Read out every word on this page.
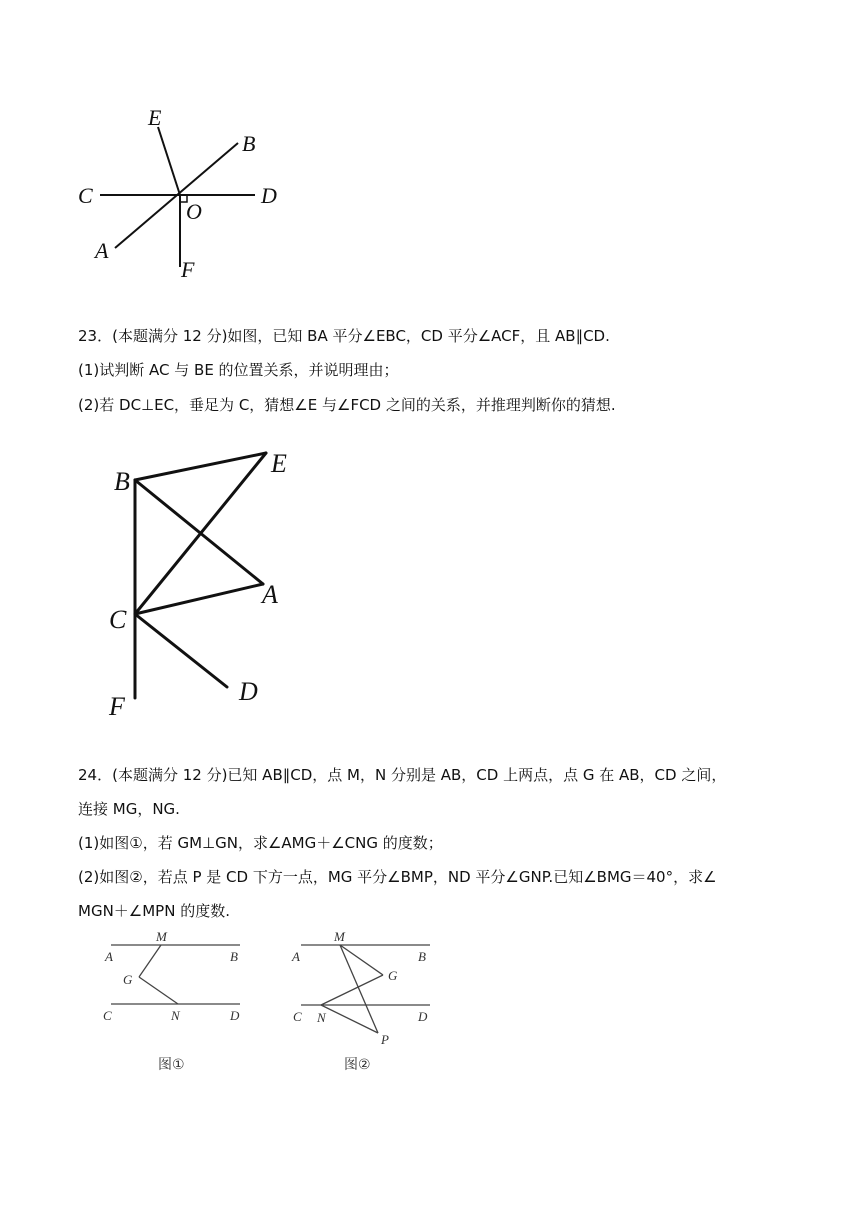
E
B
C	D
O
A
F
23．(本题满分 12 分)如图，已知 BA 平分∠EBC，CD 平分∠ACF，且 AB∥CD.
(1)试判断 AC 与 BE 的位置关系，并说明理由；
(2)若 DC⊥EC，垂足为 C，猜想∠E 与∠FCD 之间的关系，并推理判断你的猜想.
B
E
A
C
F
D
24．(本题满分 12 分)已知 AB∥CD，点 M，N 分别是 AB，CD 上两点，点 G 在 AB，CD 之间，
连接 MG，NG.
(1)如图①，若 GM⊥GN，求∠AMG＋∠CNG 的度数；
(2)如图②，若点 P 是 CD 下方一点，MG 平分∠BMP，ND 平分∠GNP.已知∠BMG＝40°，求∠
MGN＋∠MPN 的度数.
M
A	B
G
C	N	D
图①
M
A	B
G
C N	D
P
图②
